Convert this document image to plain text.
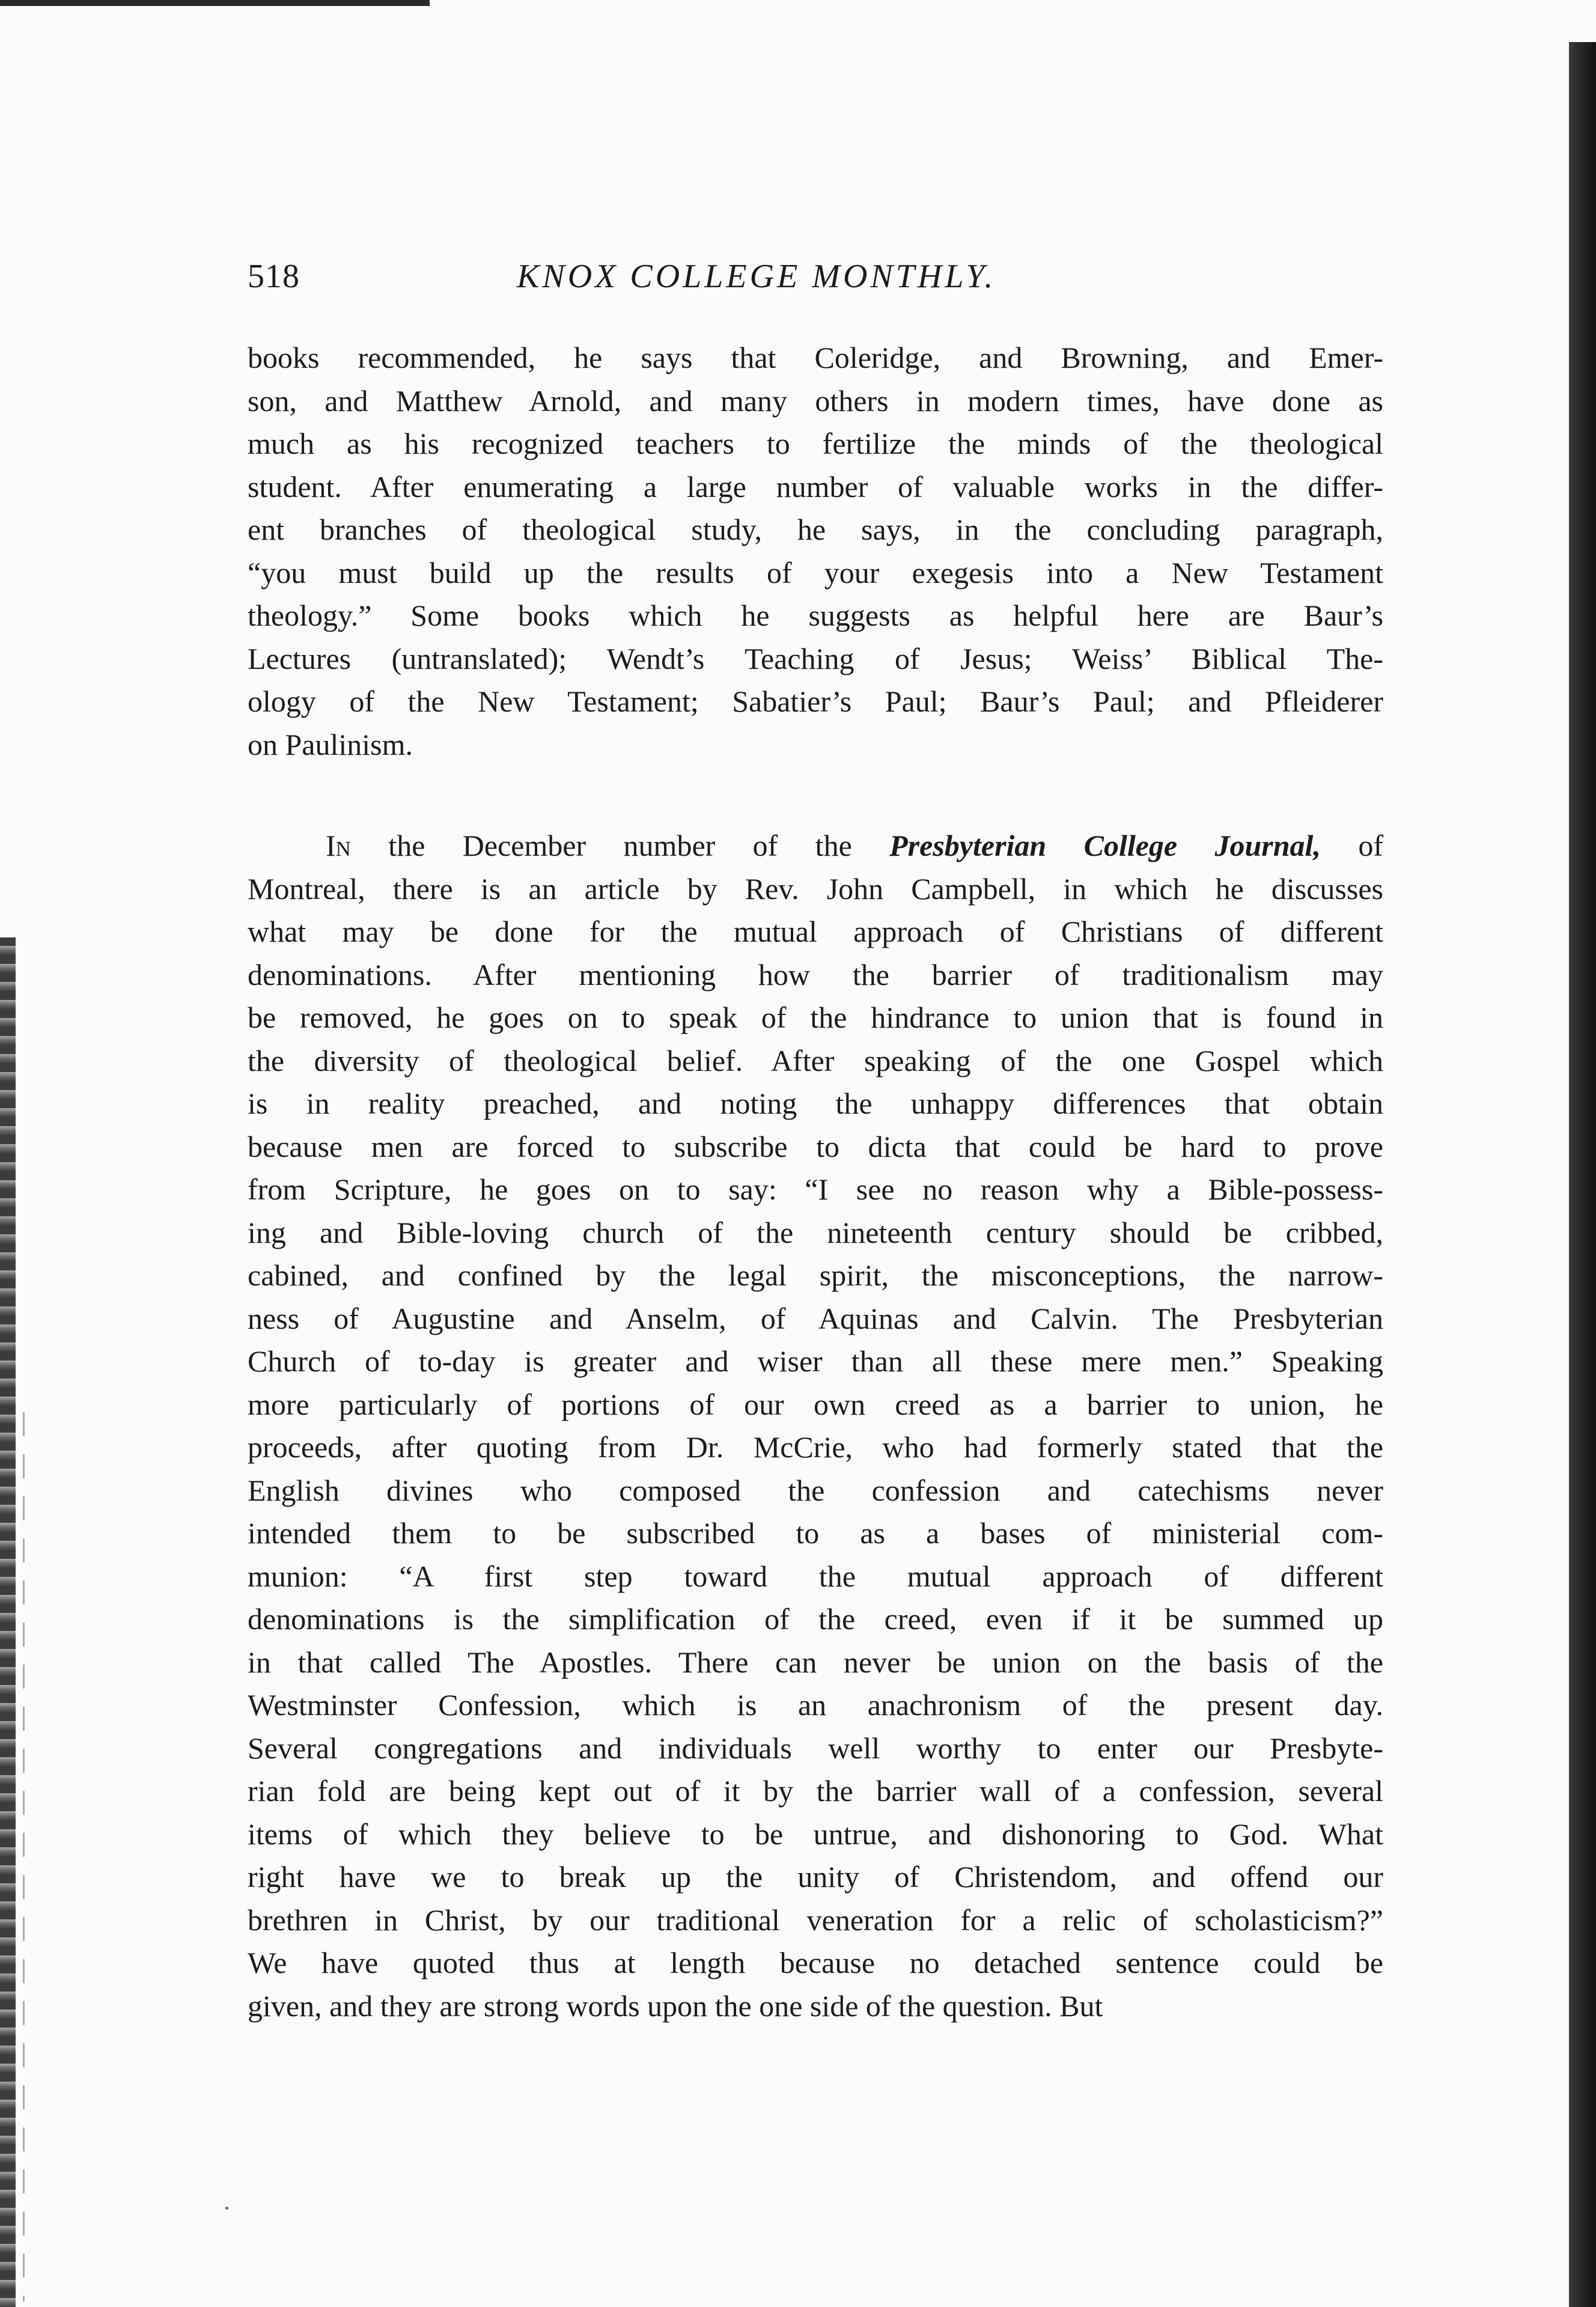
518	KNOX COLLEGE MONTHLY.
books recommended, he says that Coleridge, and Browning, and Emer-
son, and Matthew Arnold, and many others in modern times, have done as
much as his recognized teachers to fertilize the minds of the theological
student. After enumerating a large number of valuable works in the differ-
ent branches of theological study, he says, in the concluding paragraph,
“you must build up the results of your exegesis into a New Testament
theology.” Some books which he suggests as helpful here are Baur’s
Lectures (untranslated); Wendt’s Teaching of Jesus; Weiss’ Biblical The-
ology of the New Testament; Sabatier’s Paul; Baur’s Paul; and Pfleiderer
on Paulinism.
In the December number of the Presbyterian College Journal, of
Montreal, there is an article by Rev. John Campbell, in which he discusses
what may be done for the mutual approach of Christians of different
denominations. After mentioning how the barrier of traditionalism may
be removed, he goes on to speak of the hindrance to union that is found in
the diversity of theological belief. After speaking of the one Gospel which
is in reality preached, and noting the unhappy differences that obtain
because men are forced to subscribe to dicta that could be hard to prove
from Scripture, he goes on to say: “I see no reason why a Bible-possess-
ing and Bible-loving church of the nineteenth century should be cribbed,
cabined, and confined by the legal spirit, the misconceptions, the narrow-
ness of Augustine and Anselm, of Aquinas and Calvin. The Presbyterian
Church of to-day is greater and wiser than all these mere men.” Speaking
more particularly of portions of our own creed as a barrier to union, he
proceeds, after quoting from Dr. McCrie, who had formerly stated that the
English divines who composed the confession and catechisms never
intended them to be subscribed to as a bases of ministerial com-
munion: “A first step toward the mutual approach of different
denominations is the simplification of the creed, even if it be summed up
in that called The Apostles. There can never be union on the basis of the
Westminster Confession, which is an anachronism of the present day.
Several congregations and individuals well worthy to enter our Presbyte-
rian fold are being kept out of it by the barrier wall of a confession, several
items of which they believe to be untrue, and dishonoring to God. What
right have we to break up the unity of Christendom, and offend our
brethren in Christ, by our traditional veneration for a relic of scholasticism?”
We have quoted thus at length because no detached sentence could be
given, and they are strong words upon the one side of the question. But
